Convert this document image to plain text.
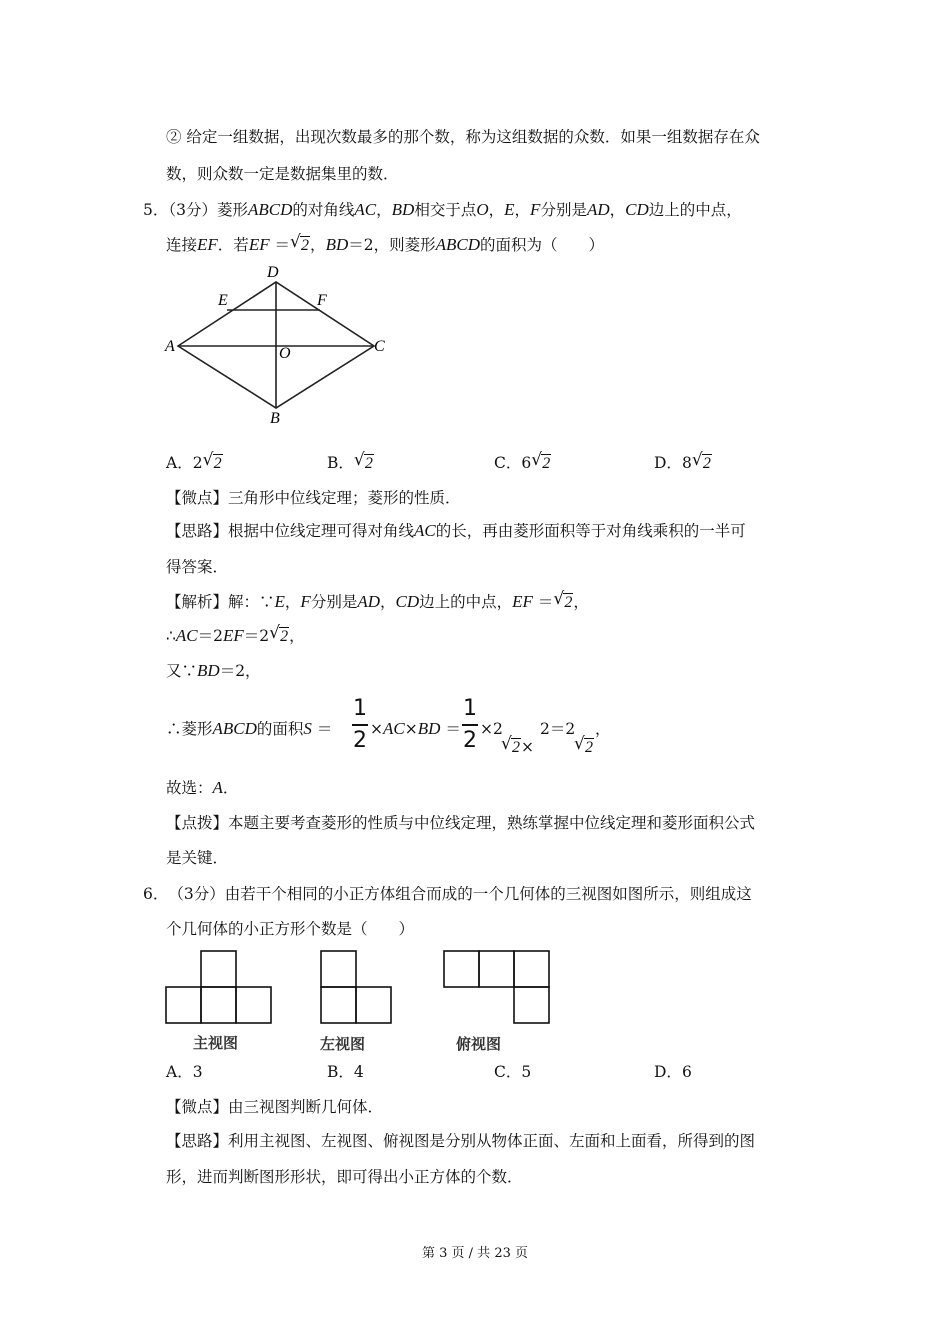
② 给定一组数据，出现次数最多的那个数，称为这组数据的众数．如果一组数据存在众
数，则众数一定是数据集里的数．
5．（3分）菱形ABCD的对角线AC，BD相交于点O，E，F分别是AD，CD边上的中点，
连接EF．若EF ＝ √ 2，BD＝2，则菱形ABCD的面积为（　　）
D
E	F
A	O	C
B
A．2 √ 2	B． √ 2	C．6 √ 2	D．8 √ 2
【微点】三角形中位线定理；菱形的性质．
【思路】根据中位线定理可得对角线AC的长，再由菱形面积等于对角线乘积的一半可
得答案．
【解析】解：∵E，F分别是AD，CD边上的中点，EF ＝ √ 2，
∴AC＝2EF＝2 √ 2，
又∵BD＝2，
∴菱形ABCD的面积S ＝
1
2 ×AC×BD ＝
1
2 ×2
√ 2×
2＝2
√ 2
，
故选：A．
【点拨】本题主要考查菱形的性质与中位线定理，熟练掌握中位线定理和菱形面积公式
是关键．
6．　（3分）由若干个相同的小正方体组合而成的一个几何体的三视图如图所示，则组成这
个几何体的小正方形个数是（　　）
主视图	左视图	俯视图
A．3	B．4	C．5	D．6
【微点】由三视图判断几何体．
【思路】利用主视图、左视图、俯视图是分别从物体正面、左面和上面看，所得到的图
形，进而判断图形形状，即可得出小正方体的个数．
第 3 页 / 共 23 页
